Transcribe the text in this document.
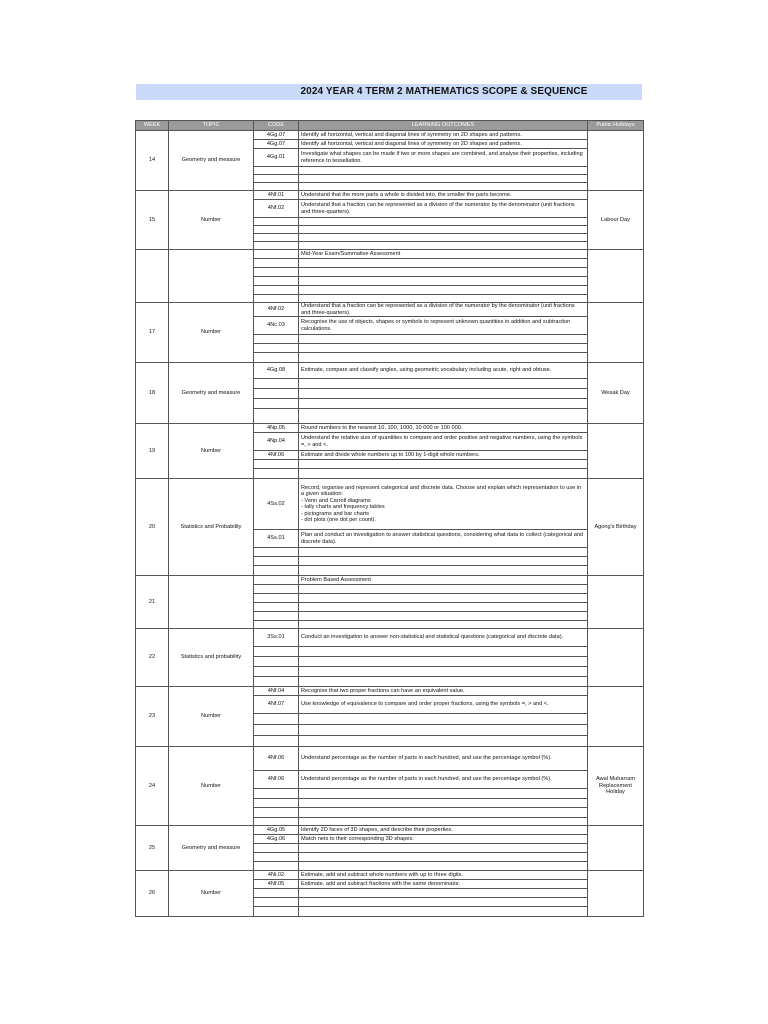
2024 YEAR 4 TERM 2 MATHEMATICS SCOPE & SEQUENCE
WEEK	TOPIC	CODE	LEARNING OUTCOMES	Public Holidays
14	Geometry and measure	4Gg.07	Identify all horizontal, vertical and diagonal lines of symmetry on 2D shapes and patterns.	
		4Gg.07	Identify all horizontal, vertical and diagonal lines of symmetry on 2D shapes and patterns.	
		4Gg.01	Investigate what shapes can be made if two or more shapes are combined, and analyse their properties, including reference to tessellation.	

15	Number	4Nf.01	Understand that the more parts a whole is divided into, the smaller the parts become.	Labour Day
		4Nf.02	Understand that a fraction can be represented as a division of the numerator by the denominator (unit fractions and three-quarters).	

			Mid-Year Exam/Summative Assessment	

17	Number	4Nf.02	Understand that a fraction can be represented as a division of the numerator by the denominator (unit fractions and three-quarters).	
		4Nc.03	Recognise the use of objects, shapes or symbols to represent unknown quantities in addition and subtraction calculations.	

18	Geometry and measure	4Gg.08	Estimate, compare and classify angles, using geometric vocabulary including acute, right and obtuse.	Wesak Day

19	Number	4Np.05	Round numbers to the nearest 10, 100, 1000, 10 000 or 100 000.	
		4Np.04	Understand the relative size of quantities to compare and order positive and negative numbers, using the symbols =, > and <.	
		4Nf.06	Estimate and divide whole numbers up to 100 by 1-digit whole numbers.	

20	Statistics and Probability	4Ss.02	Record, organise and represent categorical and discrete data. Choose and explain which representation to use in a given situation:
- Venn and Carroll diagrams
- tally charts and frequency tables
- pictograms and bar charts
- dot plots (one dot per count).	Agong's Birthday
		4Ss.01	Plan and conduct an investigation to answer statistical questions, considering what data to collect (categorical and discrete data).	

21			Problem Based Assessment	

22	Statistics and probability	3Ss.01	Conduct an investigation to answer non-statistical and statistical questions (categorical and discrete data).	

23	Number	4Nf.04	Recognise that two proper fractions can have an equivalent value.	
		4Nf.07	Use knowledge of equivalence to compare and order proper fractions, using the symbols =, > and <.	

24	Number	4Nf.06	Understand percentage as the number of parts in each hundred, and use the percentage symbol (%).	Awal Muharram Replacement Holiday
		4Nf.06	Understand percentage as the number of parts in each hundred, and use the percentage symbol (%).	

25	Geometry and measure	4Gg.05	Identify 2D faces of 3D shapes, and describe their properties.	
		4Gg.06	Match nets to their corresponding 3D shapes.	

26	Number	4Ni.02	Estimate, add and subtract whole numbers with up to three digits.	
		4Nf.05	Estimate, add and subtract fractions with the same denominator.	
